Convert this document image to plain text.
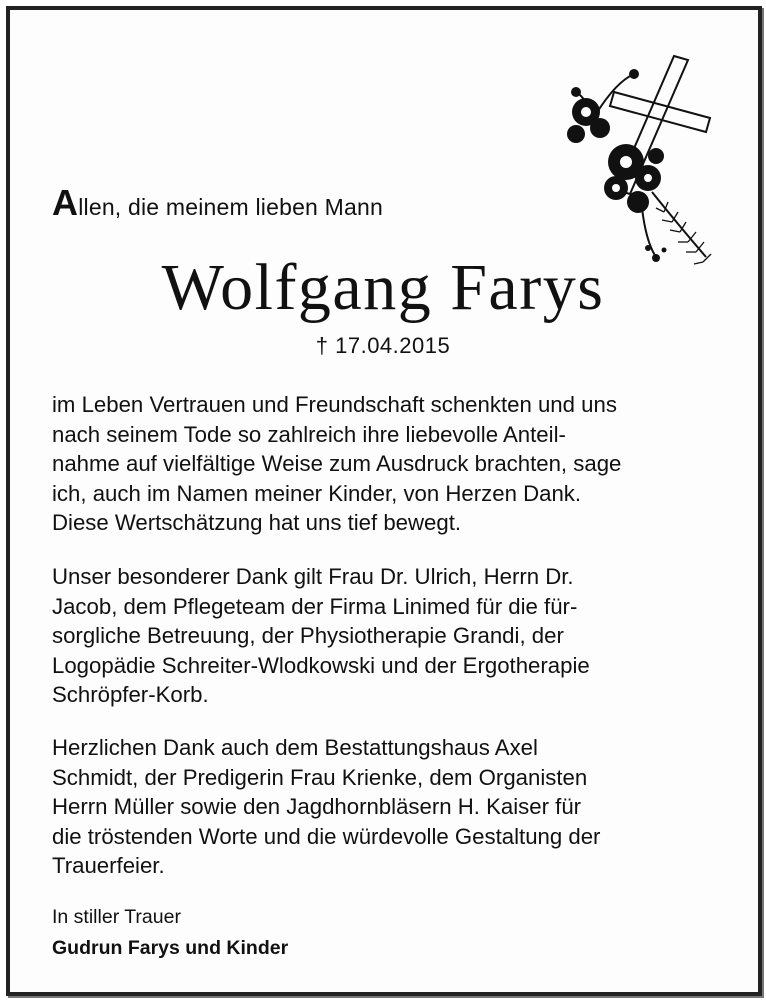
Allen, die meinem lieben Mann
Wolfgang Farys
† 17.04.2015

im Leben Vertrauen und Freundschaft schenkten und uns
nach seinem Tode so zahlreich ihre liebevolle Anteil-
nahme auf vielfältige Weise zum Ausdruck brachten, sage
ich, auch im Namen meiner Kinder, von Herzen Dank.
Diese Wertschätzung hat uns tief bewegt.

Unser besonderer Dank gilt Frau Dr. Ulrich, Herrn Dr.
Jacob, dem Pflegeteam der Firma Linimed für die für-
sorgliche Betreuung, der Physiotherapie Grandi, der
Logopädie Schreiter-Wlodkowski und der Ergotherapie
Schröpfer-Korb.

Herzlichen Dank auch dem Bestattungshaus Axel
Schmidt, der Predigerin Frau Krienke, dem Organisten
Herrn Müller sowie den Jagdhornbläsern H. Kaiser für
die tröstenden Worte und die würdevolle Gestaltung der
Trauerfeier.

In stiller Trauer
Gudrun Farys und Kinder
